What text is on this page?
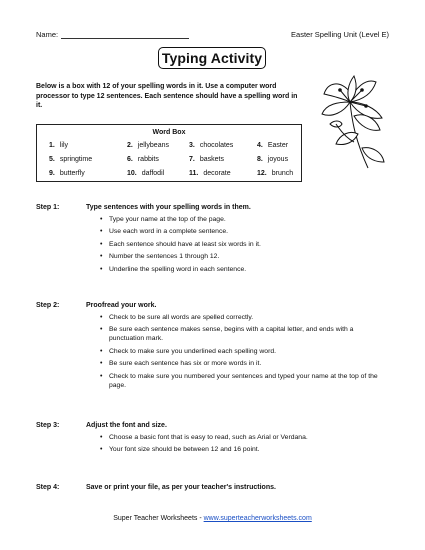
Name:	Easter Spelling Unit (Level E)
Typing Activity
Below is a box with 12 of your spelling words in it. Use a computer word processor to type 12 sentences. Each sentence should have a spelling word in it.
Word Box
1. lily	2. jellybeans	3. chocolates	4. Easter
5. springtime	6. rabbits	7. baskets	8. joyous
9. butterfly	10. daffodil	11. decorate	12. brunch
Step 1:	Type sentences with your spelling words in them.
• Type your name at the top of the page.
• Use each word in a complete sentence.
• Each sentence should have at least six words in it.
• Number the sentences 1 through 12.
• Underline the spelling word in each sentence.
Step 2:	Proofread your work.
• Check to be sure all words are spelled correctly.
• Be sure each sentence makes sense, begins with a capital letter, and ends with a punctuation mark.
• Check to make sure you underlined each spelling word.
• Be sure each sentence has six or more words in it.
• Check to make sure you numbered your sentences and typed your name at the top of the page.
Step 3:	Adjust the font and size.
• Choose a basic font that is easy to read, such as Arial or Verdana.
• Your font size should be between 12 and 16 point.
Step 4:	Save or print your file, as per your teacher's instructions.
Super Teacher Worksheets - www.superteacherworksheets.com
